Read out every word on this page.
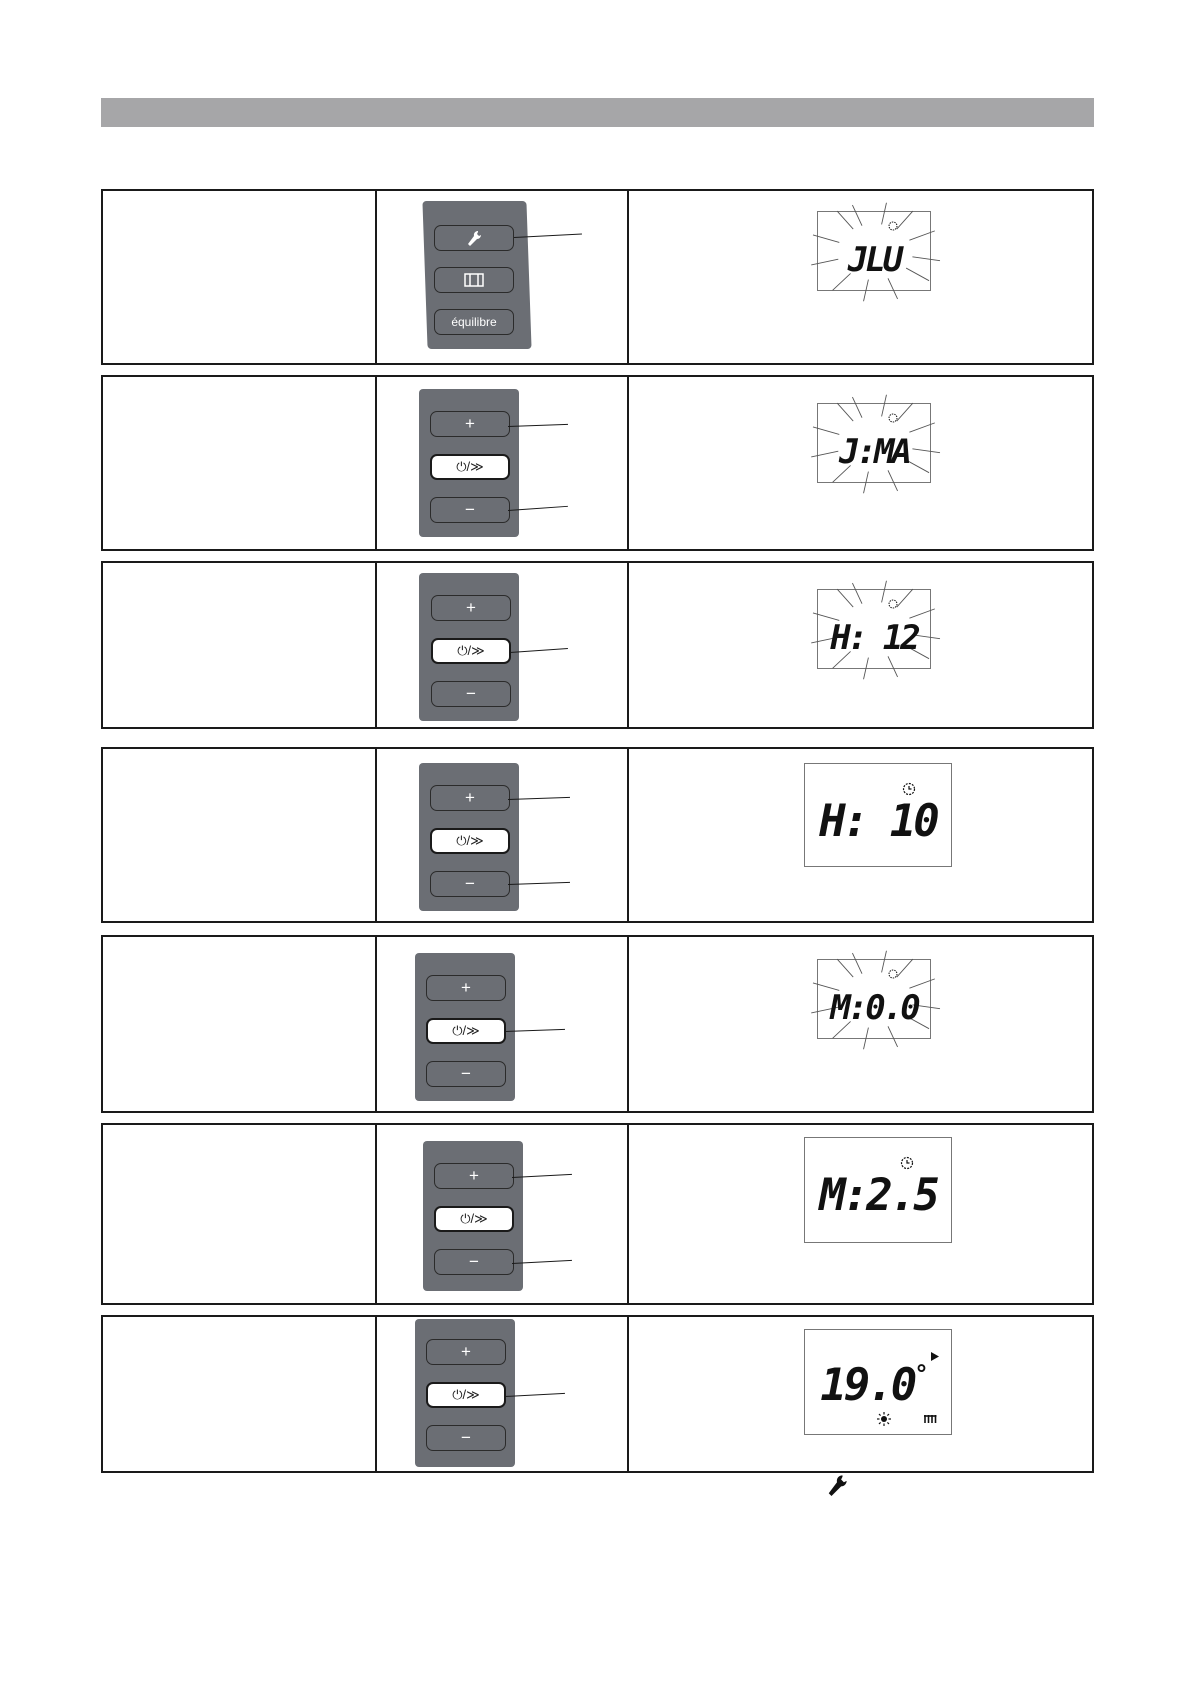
équilibre
JLU
+
⏻/≫
−
J:MA
+
⏻/≫
−
H: 12
+
⏻/≫
−
H: 10
+
⏻/≫
−
M:0.0
+
⏻/≫
−
M:2.5
+
⏻/≫
−
19.0°
